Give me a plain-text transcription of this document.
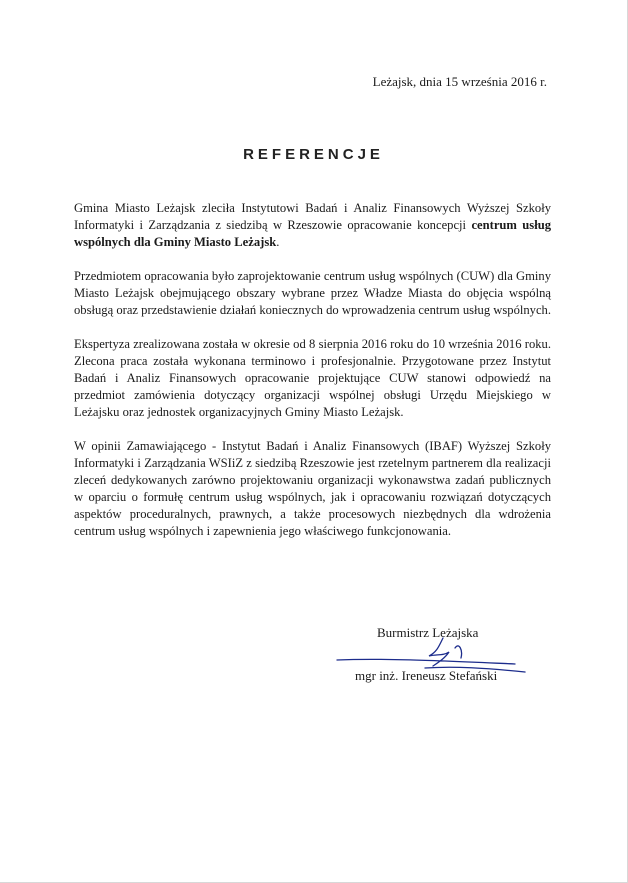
Leżajsk, dnia 15 września 2016 r.
REFERENCJE

Gmina Miasto Leżajsk zleciła Instytutowi Badań i Analiz Finansowych Wyższej Szkoły Informatyki i Zarządzania z siedzibą w Rzeszowie opracowanie koncepcji centrum usług wspólnych dla Gminy Miasto Leżajsk.

Przedmiotem opracowania było zaprojektowanie centrum usług wspólnych (CUW) dla Gminy Miasto Leżajsk obejmującego obszary wybrane przez Władze Miasta do objęcia wspólną obsługą oraz przedstawienie działań koniecznych do wprowadzenia centrum usług wspólnych.

Ekspertyza zrealizowana została w okresie od 8 sierpnia 2016 roku do 10 września 2016 roku. Zlecona praca została wykonana terminowo i profesjonalnie. Przygotowane przez Instytut Badań i Analiz Finansowych opracowanie projektujące CUW stanowi odpowiedź na przedmiot zamówienia dotyczący organizacji wspólnej obsługi Urzędu Miejskiego w Leżajsku oraz jednostek organizacyjnych Gminy Miasto Leżajsk.

W opinii Zamawiającego - Instytut Badań i Analiz Finansowych (IBAF) Wyższej Szkoły Informatyki i Zarządzania WSIiZ z siedzibą Rzeszowie jest rzetelnym partnerem dla realizacji zleceń dedykowanych zarówno projektowaniu organizacji wykonawstwa zadań publicznych w oparciu o formułę centrum usług wspólnych, jak i opracowaniu rozwiązań dotyczących aspektów proceduralnych, prawnych, a także procesowych niezbędnych dla wdrożenia centrum usług wspólnych i zapewnienia jego właściwego funkcjonowania.

Burmistrz Leżajska
mgr inż. Ireneusz Stefański
